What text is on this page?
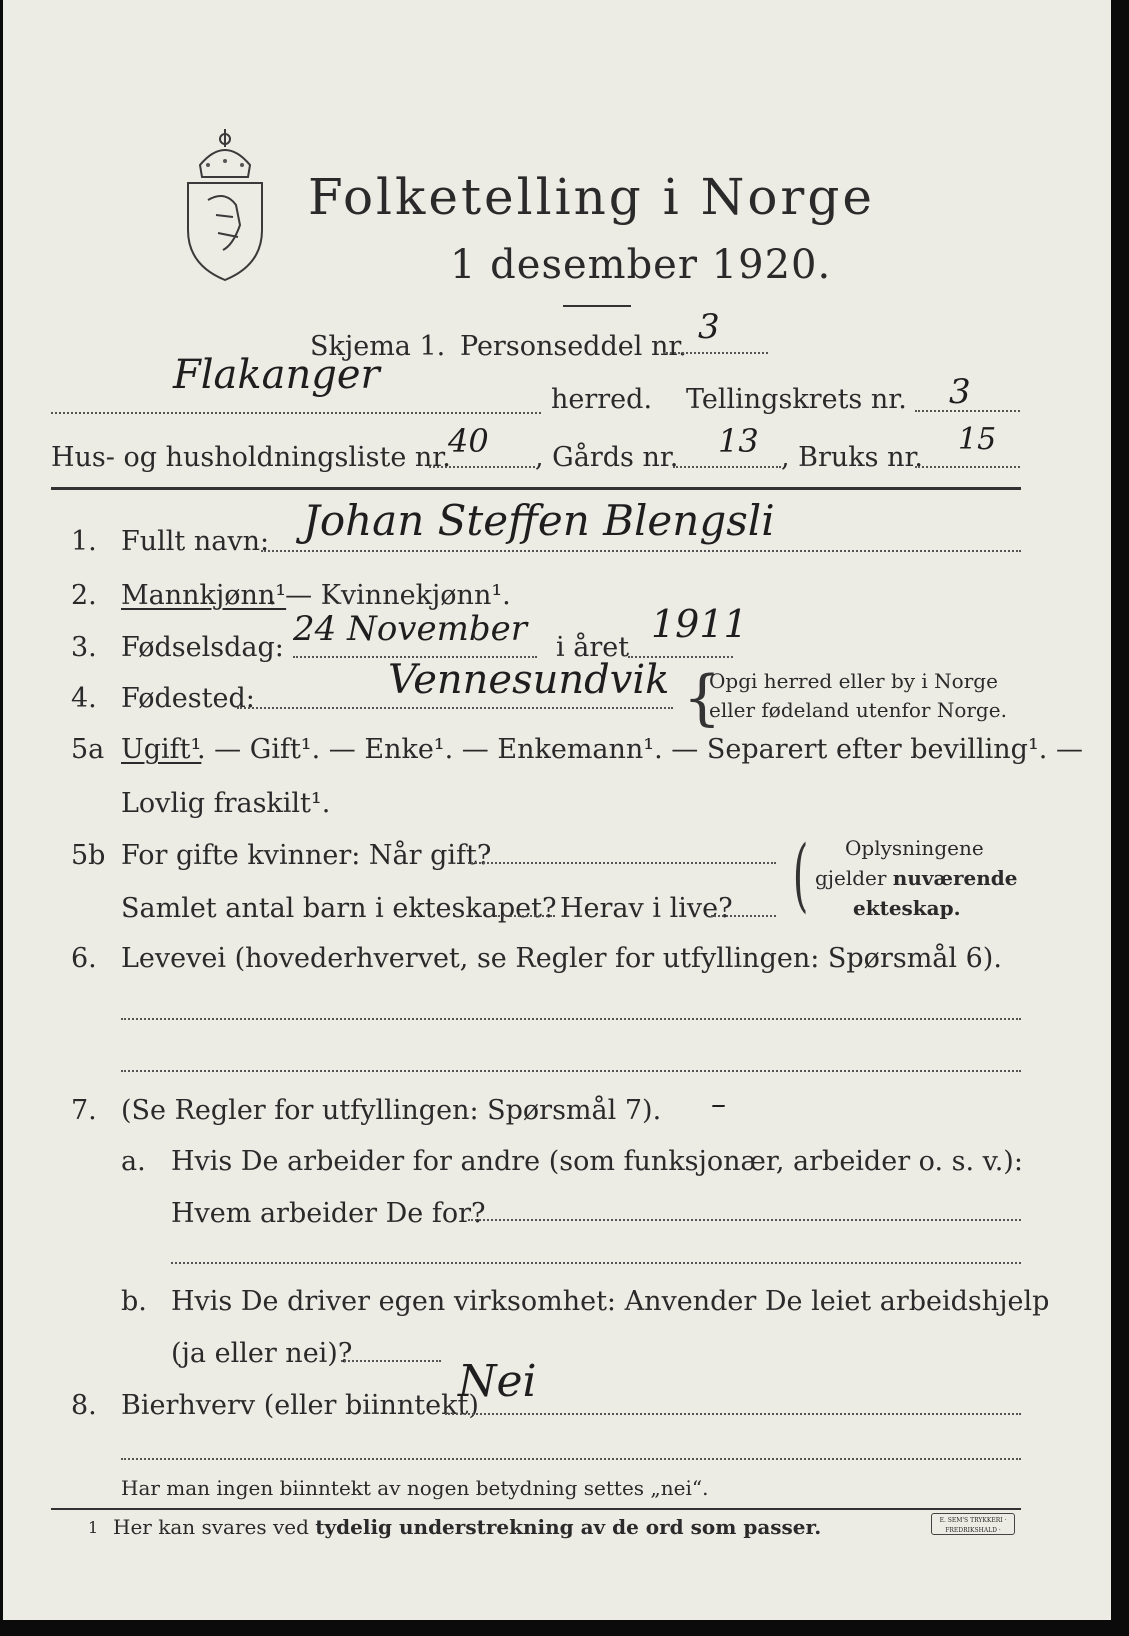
Folketelling i Norge
1 desember 1920.
Skjema 1. Personseddel nr. 3
Flakanger
herred. Tellingskrets nr. 3
Hus- og husholdningsliste nr.
40 , Gårds nr. 13 , Bruks nr.
15
1. Fullt navn: Johan Steffen Blengsli
2. Mannkjønn¹
. — Kvinnekjønn¹.
3. Fødselsdag: 24 November i året
1911
4. Fødested:	Vennesundvik {
Opgi herred eller by i Norge
eller fødeland utenfor Norge.
5a Ugift¹
. — Gift¹. — Enke¹. — Enkemann¹. — Separert efter bevilling¹. —
Lovlig fraskilt¹.
5b For gifte kvinner: Når gift?
Samlet antal barn i ekteskapet? Herav i live? ( Oplysningene
gjelder nuværende
ekteskap.
6. Levevei (hovederhvervet, se Regler for utfyllingen: Spørsmål 6).
7. (Se Regler for utfyllingen: Spørsmål 7). –
a. Hvis De arbeider for andre (som funksjonær, arbeider o. s. v.):
Hvem arbeider De for?
b. Hvis De driver egen virksomhet: Anvender De leiet arbeidshjelp
(ja eller nei)?
8. Bierhverv (eller biinntekt)
Nei
Har man ingen biinntekt av nogen betydning settes „nei“.
1 Her kan svares ved tydelig understrekning av de ord som passer.	E. SEM'S TRYKKERI · FREDRIKSHALD ·
